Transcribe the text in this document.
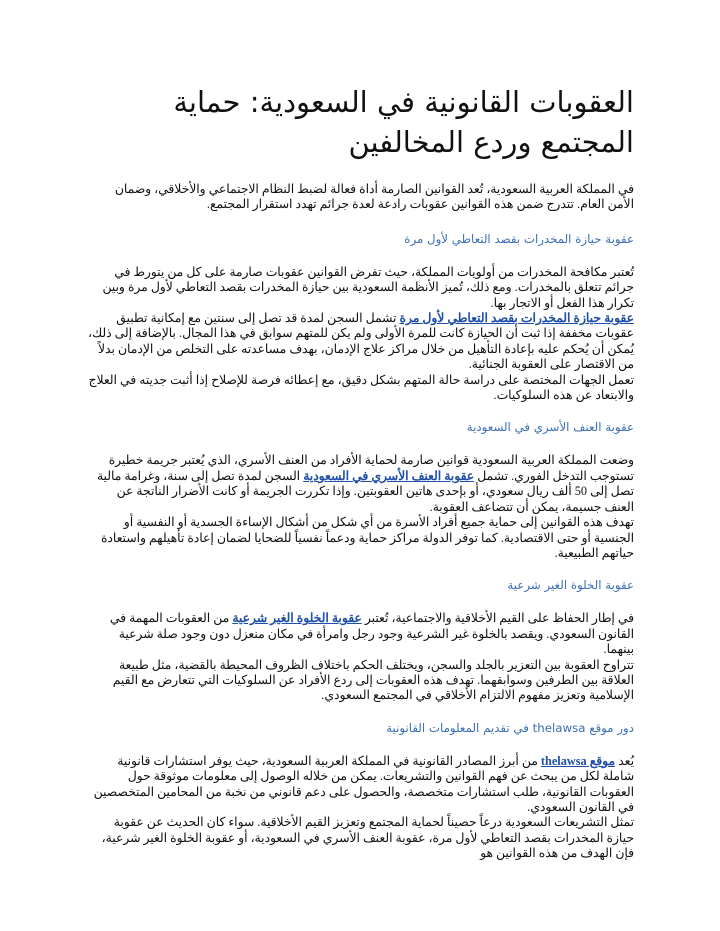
العقوبات القانونية في السعودية: حماية المجتمع وردع المخالفين

في المملكة العربية السعودية، تُعد القوانين الصارمة أداة فعالة لضبط النظام الاجتماعي والأخلاقي، وضمان الأمن العام. تتدرج ضمن هذه القوانين عقوبات رادعة لعدة جرائم تهدد استقرار المجتمع.

عقوبة حيازة المخدرات بقصد التعاطي لأول مرة

تُعتبر مكافحة المخدرات من أولويات المملكة، حيث تفرض القوانين عقوبات صارمة على كل من يتورط في جرائم تتعلق بالمخدرات. ومع ذلك، تُميز الأنظمة السعودية بين حيازة المخدرات بقصد التعاطي لأول مرة وبين تكرار هذا الفعل أو الاتجار بها.

عقوبة حيازة المخدرات بقصد التعاطي لأول مرة تشمل السجن لمدة قد تصل إلى سنتين مع إمكانية تطبيق عقوبات مخففة إذا ثبت أن الحيازة كانت للمرة الأولى ولم يكن للمتهم سوابق في هذا المجال. بالإضافة إلى ذلك، يُمكن أن يُحكم عليه بإعادة التأهيل من خلال مراكز علاج الإدمان، بهدف مساعدته على التخلص من الإدمان بدلاً من الاقتصار على العقوبة الجنائية.

تعمل الجهات المختصة على دراسة حالة المتهم بشكل دقيق، مع إعطائه فرصة للإصلاح إذا أثبت جديته في العلاج والابتعاد عن هذه السلوكيات.

عقوبة العنف الأسري في السعودية

وضعت المملكة العربية السعودية قوانين صارمة لحماية الأفراد من العنف الأسري، الذي يُعتبر جريمة خطيرة تستوجب التدخل الفوري. تشمل عقوبة العنف الأسري في السعودية السجن لمدة تصل إلى سنة، وغرامة مالية تصل إلى 50 ألف ريال سعودي، أو بإحدى هاتين العقوبتين. وإذا تكررت الجريمة أو كانت الأضرار الناتجة عن العنف جسيمة، يمكن أن تتضاعف العقوبة.

تهدف هذه القوانين إلى حماية جميع أفراد الأسرة من أي شكل من أشكال الإساءة الجسدية أو النفسية أو الجنسية أو حتى الاقتصادية. كما توفر الدولة مراكز حماية ودعماً نفسياً للضحايا لضمان إعادة تأهيلهم واستعادة حياتهم الطبيعية.

عقوبة الخلوة الغير شرعية

في إطار الحفاظ على القيم الأخلاقية والاجتماعية، تُعتبر عقوبة الخلوة الغير شرعية من العقوبات المهمة في القانون السعودي. ويقصد بالخلوة غير الشرعية وجود رجل وامرأة في مكان منعزل دون وجود صلة شرعية بينهما.

تتراوح العقوبة بين التعزير بالجلد والسجن، ويختلف الحكم باختلاف الظروف المحيطة بالقضية، مثل طبيعة العلاقة بين الطرفين وسوابقهما. تهدف هذه العقوبات إلى ردع الأفراد عن السلوكيات التي تتعارض مع القيم الإسلامية وتعزيز مفهوم الالتزام الأخلاقي في المجتمع السعودي.

دور موقع thelawsa في تقديم المعلومات القانونية

يُعد موقع thelawsa من أبرز المصادر القانونية في المملكة العربية السعودية، حيث يوفر استشارات قانونية شاملة لكل من يبحث عن فهم القوانين والتشريعات. يمكن من خلاله الوصول إلى معلومات موثوقة حول العقوبات القانونية، طلب استشارات متخصصة، والحصول على دعم قانوني من نخبة من المحامين المتخصصين في القانون السعودي.

تمثل التشريعات السعودية درعاً حصيناً لحماية المجتمع وتعزيز القيم الأخلاقية. سواء كان الحديث عن عقوبة حيازة المخدرات بقصد التعاطي لأول مرة، عقوبة العنف الأسري في السعودية، أو عقوبة الخلوة الغير شرعية، فإن الهدف من هذه القوانين هو
